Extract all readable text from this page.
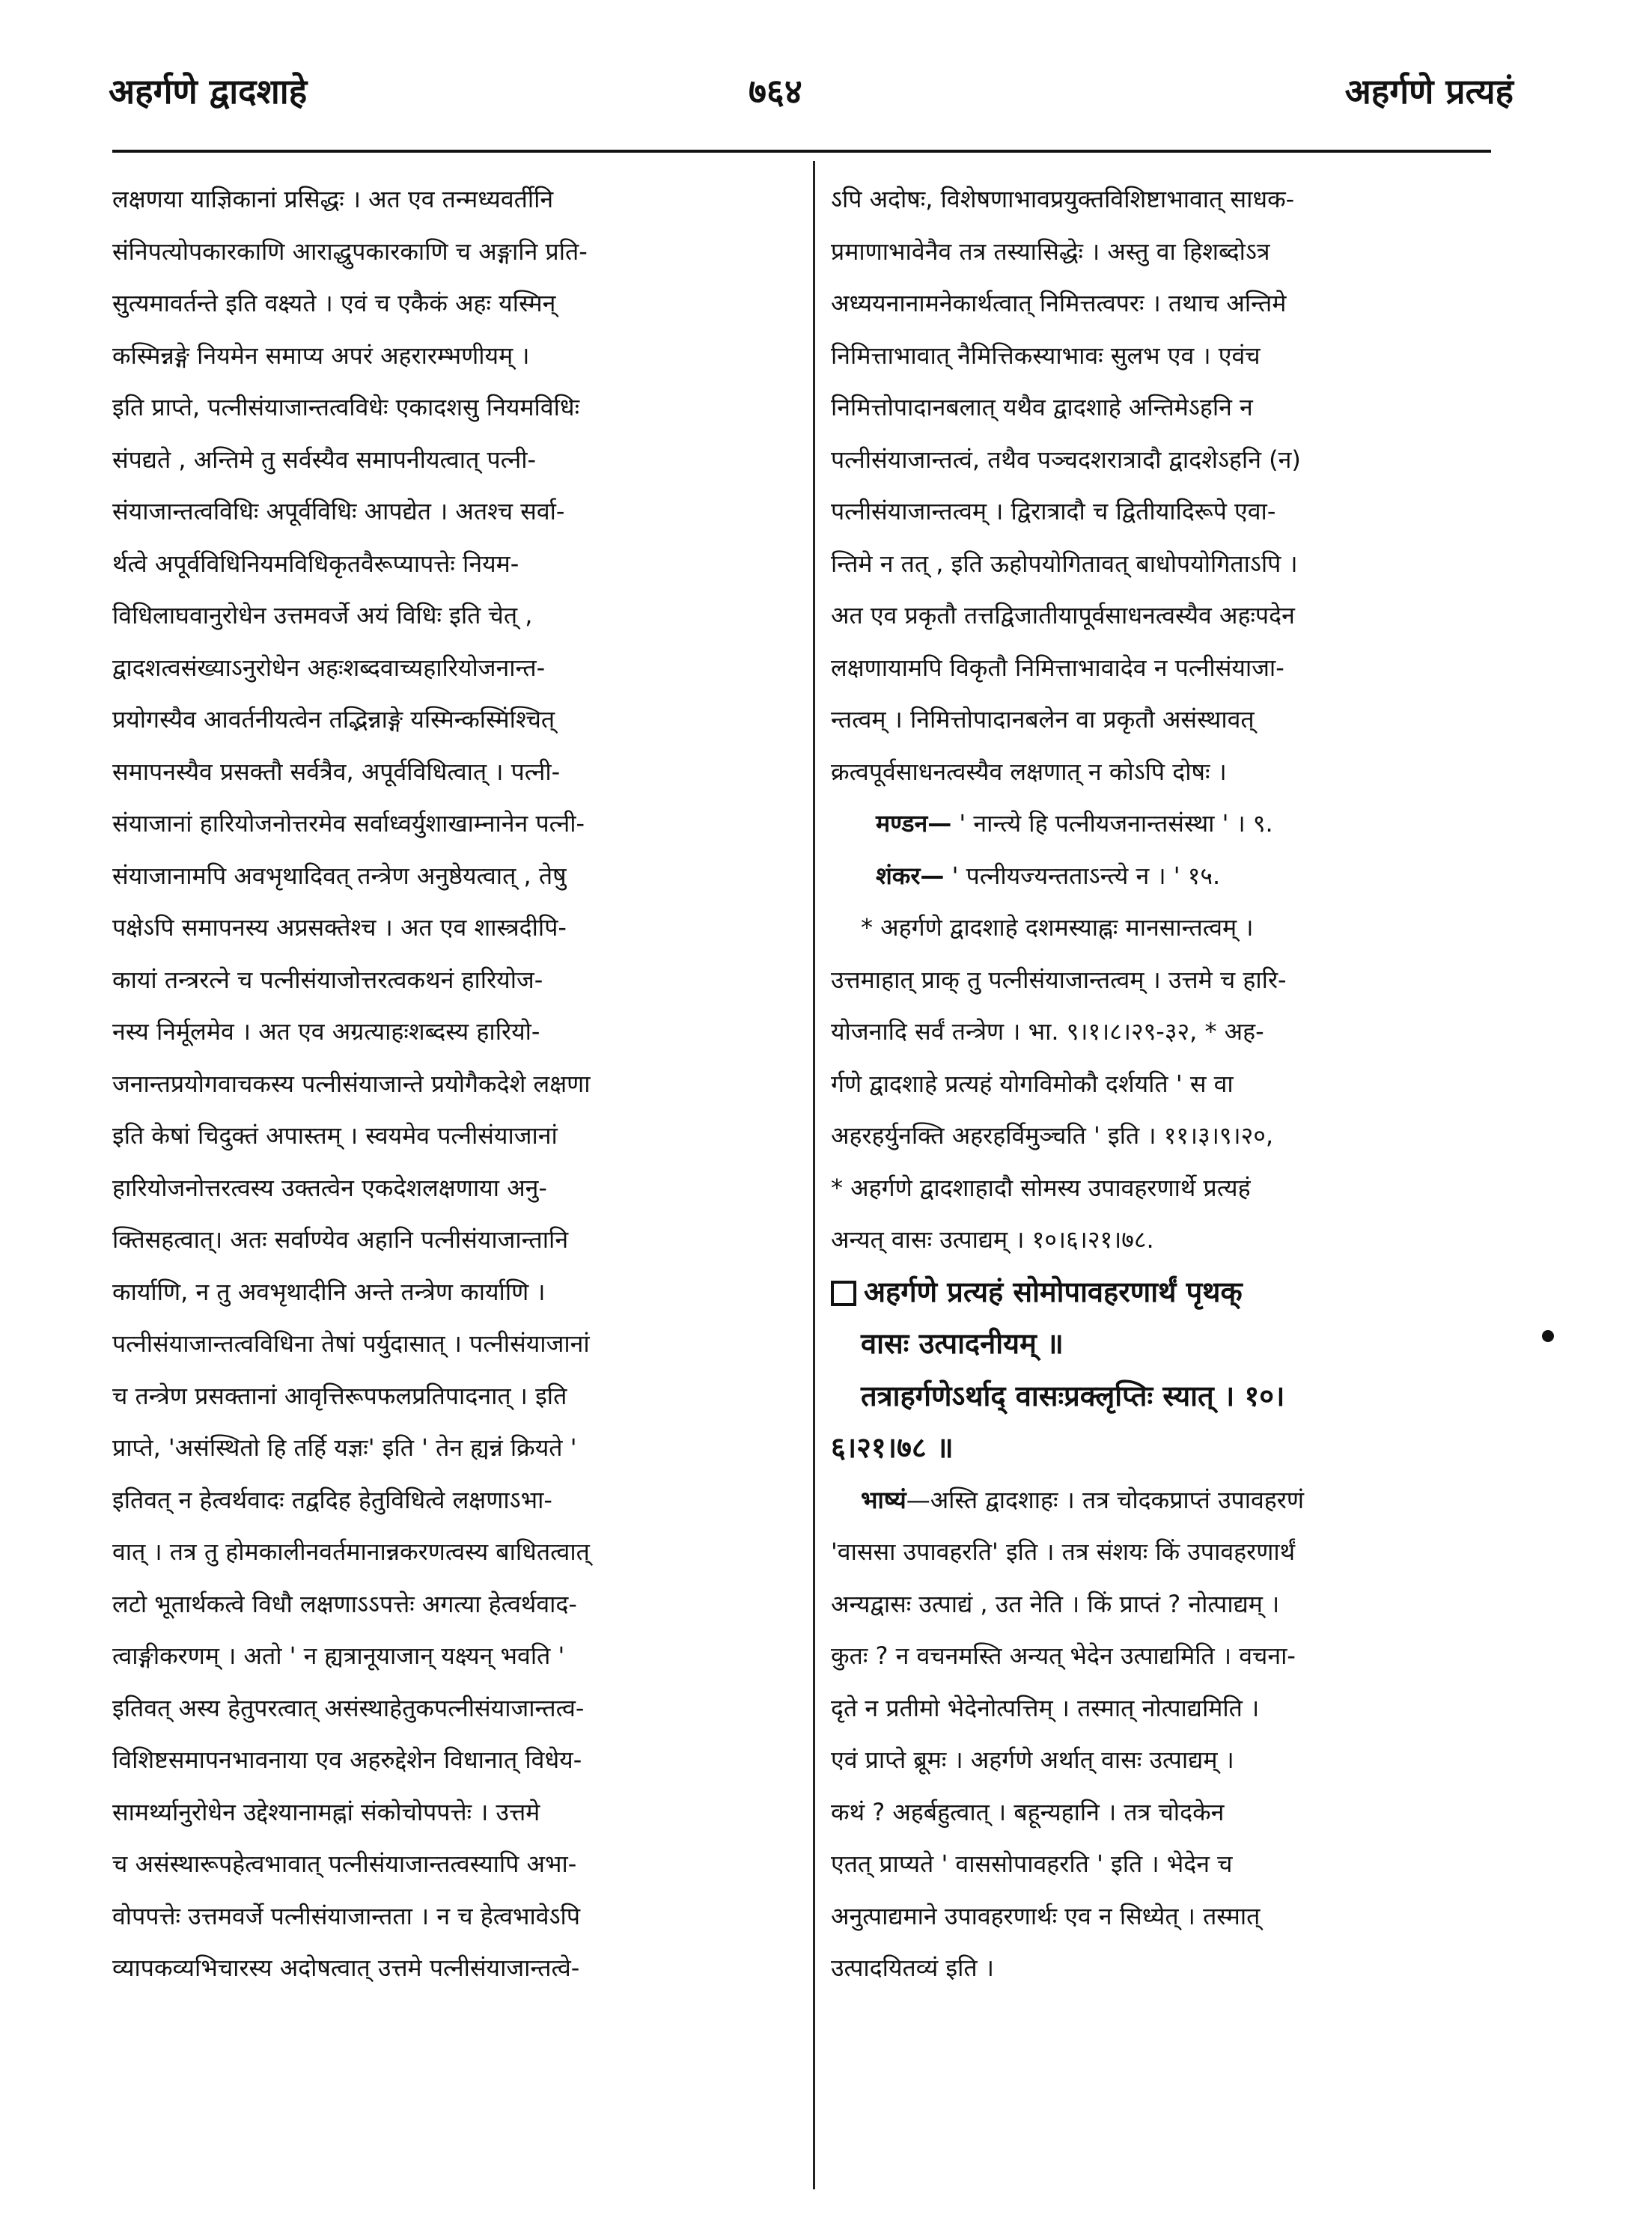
अहर्गणे द्वादशाहे	७६४	अहर्गणे प्रत्यहं
लक्षणया याज्ञिकानां प्रसिद्धः । अत एव तन्मध्यवर्तीनि
संनिपत्योपकारकाणि आराद्धुपकारकाणि च अङ्गानि प्रति-
सुत्यमावर्तन्ते इति वक्ष्यते । एवं च एकैकं अहः यस्मिन्
कस्मिन्नङ्गे नियमेन समाप्य अपरं अहरारम्भणीयम् ।
इति प्राप्ते, पत्नीसंयाजान्तत्वविधेः एकादशसु नियमविधिः
संपद्यते , अन्तिमे तु सर्वस्यैव समापनीयत्वात् पत्नी-
संयाजान्तत्वविधिः अपूर्वविधिः आपद्येत । अतश्च सर्वा-
र्थत्वे अपूर्वविधिनियमविधिकृतवैरूप्यापत्तेः नियम-
विधिलाघवानुरोधेन उत्तमवर्जे अयं विधिः इति चेत् ,
द्वादशत्वसंख्याऽनुरोधेन अहःशब्दवाच्यहारियोजनान्त-
प्रयोगस्यैव आवर्तनीयत्वेन तद्भिन्नाङ्गे यस्मिन्कस्मिंश्चित्
समापनस्यैव प्रसक्तौ सर्वत्रैव, अपूर्वविधित्वात् । पत्नी-
संयाजानां हारियोजनोत्तरमेव सर्वाध्वर्युशाखाम्नानेन पत्नी-
संयाजानामपि अवभृथादिवत् तन्त्रेण अनुष्ठेयत्वात् , तेषु
पक्षेऽपि समापनस्य अप्रसक्तेश्च । अत एव शास्त्रदीपि-
कायां तन्त्ररत्ने च पत्नीसंयाजोत्तरत्वकथनं हारियोज-
नस्य निर्मूलमेव । अत एव अग्रत्याहःशब्दस्य हारियो-
जनान्तप्रयोगवाचकस्य पत्नीसंयाजान्ते प्रयोगैकदेशे लक्षणा
इति केषां चिदुक्तं अपास्तम् । स्वयमेव पत्नीसंयाजानां
हारियोजनोत्तरत्वस्य उक्तत्वेन एकदेशलक्षणाया अनु-
क्तिसहत्वात्। अतः सर्वाण्येव अहानि पत्नीसंयाजान्तानि
कार्याणि, न तु अवभृथादीनि अन्ते तन्त्रेण कार्याणि ।
पत्नीसंयाजान्तत्वविधिना तेषां पर्युदासात् । पत्नीसंयाजानां
च तन्त्रेण प्रसक्तानां आवृत्तिरूपफलप्रतिपादनात् । इति
प्राप्ते, 'असंस्थितो हि तर्हि यज्ञः' इति ' तेन ह्यन्नं क्रियते '
इतिवत् न हेत्वर्थवादः तद्वदिह हेतुविधित्वे लक्षणाऽभा-
वात् । तत्र तु होमकालीनवर्तमानान्नकरणत्वस्य बाधितत्वात्
लटो भूतार्थकत्वे विधौ लक्षणाऽऽपत्तेः अगत्या हेत्वर्थवाद-
त्वाङ्गीकरणम् । अतो ' न ह्यत्रानूयाजान् यक्ष्यन् भवति '
इतिवत् अस्य हेतुपरत्वात् असंस्थाहेतुकपत्नीसंयाजान्तत्व-
विशिष्टसमापनभावनाया एव अहरुद्देशेन विधानात् विधेय-
सामर्थ्यानुरोधेन उद्देश्यानामह्नां संकोचोपपत्तेः । उत्तमे
च असंस्थारूपहेत्वभावात् पत्नीसंयाजान्तत्वस्यापि अभा-
वोपपत्तेः उत्तमवर्जे पत्नीसंयाजान्तता । न च हेत्वभावेऽपि
व्यापकव्यभिचारस्य अदोषत्वात् उत्तमे पत्नीसंयाजान्तत्वे-
ऽपि अदोषः, विशेषणाभावप्रयुक्तविशिष्टाभावात् साधक-
प्रमाणाभावेनैव तत्र तस्यासिद्धेः । अस्तु वा हिशब्दोऽत्र
अध्ययनानामनेकार्थत्वात् निमित्तत्वपरः । तथाच अन्तिमे
निमित्ताभावात् नैमित्तिकस्याभावः सुलभ एव । एवंच
निमित्तोपादानबलात् यथैव द्वादशाहे अन्तिमेऽहनि न
पत्नीसंयाजान्तत्वं, तथैव पञ्चदशरात्रादौ द्वादशेऽहनि (न)
पत्नीसंयाजान्तत्वम् । द्विरात्रादौ च द्वितीयादिरूपे एवा-
न्तिमे न तत् , इति ऊहोपयोगितावत् बाधोपयोगिताऽपि ।
अत एव प्रकृतौ तत्तद्विजातीयापूर्वसाधनत्वस्यैव अहःपदेन
लक्षणायामपि विकृतौ निमित्ताभावादेव न पत्नीसंयाजा-
न्तत्वम् । निमित्तोपादानबलेन वा प्रकृतौ असंस्थावत्
क्रत्वपूर्वसाधनत्वस्यैव लक्षणात् न कोऽपि दोषः ।
मण्डन— ' नान्त्ये हि पत्नीयजनान्तसंस्था ' । ९.
शंकर— ' पत्नीयज्यन्तताऽन्त्ये न । ' १५.
* अहर्गणे द्वादशाहे दशमस्याह्नः मानसान्तत्वम् ।
उत्तमाहात् प्राक् तु पत्नीसंयाजान्तत्वम् । उत्तमे च हारि-
योजनादि सर्वं तन्त्रेण । भा. ९।१।८।२९-३२, * अह-
र्गणे द्वादशाहे प्रत्यहं योगविमोकौ दर्शयति ' स वा
अहरहर्युनक्ति अहरहर्विमुञ्चति ' इति । ११।३।९।२०,
* अहर्गणे द्वादशाहादौ सोमस्य उपावहरणार्थे प्रत्यहं
अन्यत् वासः उत्पाद्यम् । १०।६।२१।७८.
अहर्गणे प्रत्यहं सोमोपावहरणार्थं पृथक्
वासः उत्पादनीयम् ॥
तत्राहर्गणेऽर्थाद् वासःप्रक्लृप्तिः स्यात् । १०।
६।२१।७८ ॥
भाष्यं—अस्ति द्वादशाहः । तत्र चोदकप्राप्तं उपावहरणं
'वाससा उपावहरति' इति । तत्र संशयः किं उपावहरणार्थं
अन्यद्वासः उत्पाद्यं , उत नेति । किं प्राप्तं ? नोत्पाद्यम् ।
कुतः ? न वचनमस्ति अन्यत् भेदेन उत्पाद्यमिति । वचना-
दृते न प्रतीमो भेदेनोत्पत्तिम् । तस्मात् नोत्पाद्यमिति ।
एवं प्राप्ते ब्रूमः । अहर्गणे अर्थात् वासः उत्पाद्यम् ।
कथं ? अहर्बहुत्वात् । बहून्यहानि । तत्र चोदकेन
एतत् प्राप्यते ' वाससोपावहरति ' इति । भेदेन च
अनुत्पाद्यमाने उपावहरणार्थः एव न सिध्येत् । तस्मात्
उत्पादयितव्यं इति ।
